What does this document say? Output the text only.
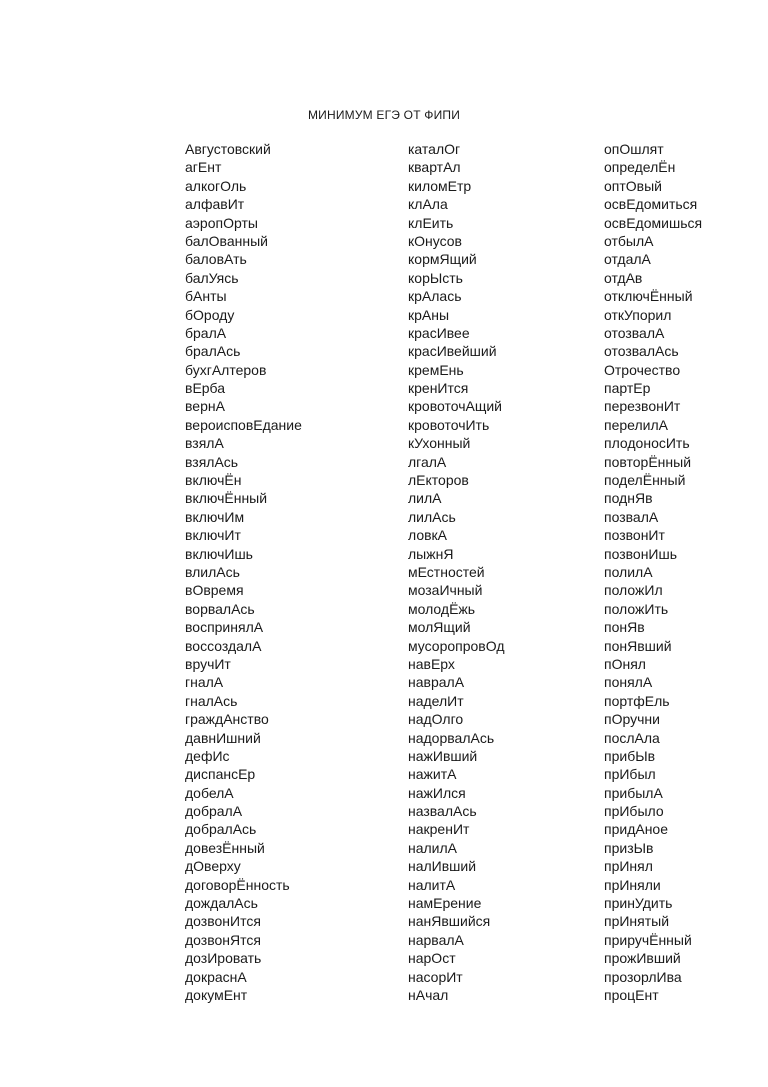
МИНИМУМ ЕГЭ ОТ ФИПИ
Августовский
агЕнт
алкогОль
алфавИт
аэропОрты
балОванный
баловАть
балУясь
бАнты
бОроду
бралА
бралАсь
бухгАлтеров
вЕрба
вернА
вероисповЕдание
взялА
взялАсь
включЁн
включЁнный
включИм
включИт
включИшь
влилАсь
вОвремя
ворвалАсь
воспринялА
воссоздалА
вручИт
гналА
гналАсь
граждАнство
давнИшний
дефИс
диспансЕр
добелА
добралА
добралАсь
довезЁнный
дОверху
договорЁнность
дождалАсь
дозвонИтся
дозвонЯтся
дозИровать
докраснА
докумЕнт
каталОг
квартАл
киломЕтр
клАла
клЕить
кОнусов
кормЯщий
корЫсть
крАлась
крАны
красИвее
красИвейший
кремЕнь
кренИтся
кровоточАщий
кровоточИть
кУхонный
лгалА
лЕкторов
лилА
лилАсь
ловкА
лыжнЯ
мЕстностей
мозаИчный
молодЁжь
молЯщий
мусоропровОд
навЕрх
навралА
наделИт
надОлго
надорвалАсь
нажИвший
нажитА
нажИлся
назвалАсь
накренИт
налилА
налИвший
налитА
намЕрение
нанЯвшийся
нарвалА
нарОст
насорИт
нАчал
опОшлят
определЁн
оптОвый
освЕдомиться
освЕдомишься
отбылА
отдалА
отдАв
отключЁнный
откУпорил
отозвалА
отозвалАсь
Отрочество
партЕр
перезвонИт
перелилА
плодоносИть
повторЁнный
поделЁнный
поднЯв
позвалА
позвонИт
позвонИшь
полилА
положИл
положИть
понЯв
понЯвший
пОнял
понялА
портфЕль
пОручни
послАла
прибЫв
прИбыл
прибылА
прИбыло
придАное
призЫв
прИнял
прИняли
принУдить
прИнятый
приручЁнный
прожИвший
прозорлИва
процЕнт
